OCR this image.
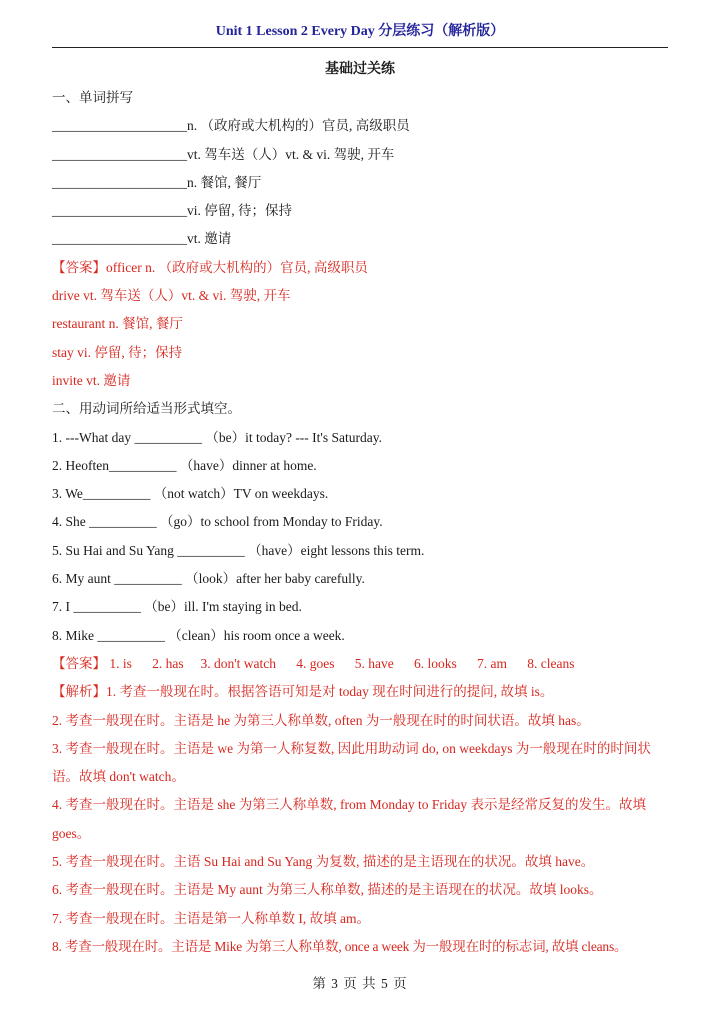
Unit 1 Lesson 2 Every Day 分层练习（解析版）
基础过关练
一、单词拼写
____________________n. （政府或大机构的）官员, 高级职员
____________________vt. 驾车送（人）vt. & vi. 驾驶, 开车
____________________n. 餐馆, 餐厅
____________________vi. 停留, 待；保持
____________________vt. 邀请
【答案】officer n. （政府或大机构的）官员, 高级职员
drive vt. 驾车送（人）vt. & vi. 驾驶, 开车
restaurant n. 餐馆, 餐厅
stay vi. 停留, 待；保持
invite vt. 邀请
二、用动词所给适当形式填空。
1. ---What day __________ （be）it today? --- It's Saturday.
2. Heoften__________ （have）dinner at home.
3. We__________ （not watch）TV on weekdays.
4. She __________ （go）to school from Monday to Friday.
5. Su Hai and Su Yang __________ （have）eight lessons this term.
6. My aunt __________ （look）after her baby carefully.
7. I __________ （be）ill. I'm staying in bed.
8. Mike __________ （clean）his room once a week.
【答案】 1. is      2. has     3. don't watch      4. goes      5. have      6. looks      7. am      8. cleans
【解析】1. 考查一般现在时。根据答语可知是对 today 现在时间进行的提问, 故填 is。
2. 考查一般现在时。主语是 he 为第三人称单数, often 为一般现在时的时间状语。故填 has。
3. 考查一般现在时。主语是 we 为第一人称复数, 因此用助动词 do, on weekdays 为一般现在时的时间状语。故填 don't watch。
4. 考查一般现在时。主语是 she 为第三人称单数, from Monday to Friday 表示是经常反复的发生。故填 goes。
5. 考查一般现在时。主语 Su Hai and Su Yang 为复数, 描述的是主语现在的状况。故填 have。
6. 考查一般现在时。主语是 My aunt 为第三人称单数, 描述的是主语现在的状况。故填 looks。
7. 考查一般现在时。主语是第一人称单数 I, 故填 am。
8. 考查一般现在时。主语是 Mike 为第三人称单数, once a week 为一般现在时的标志词, 故填 cleans。
第 3 页 共 5 页
